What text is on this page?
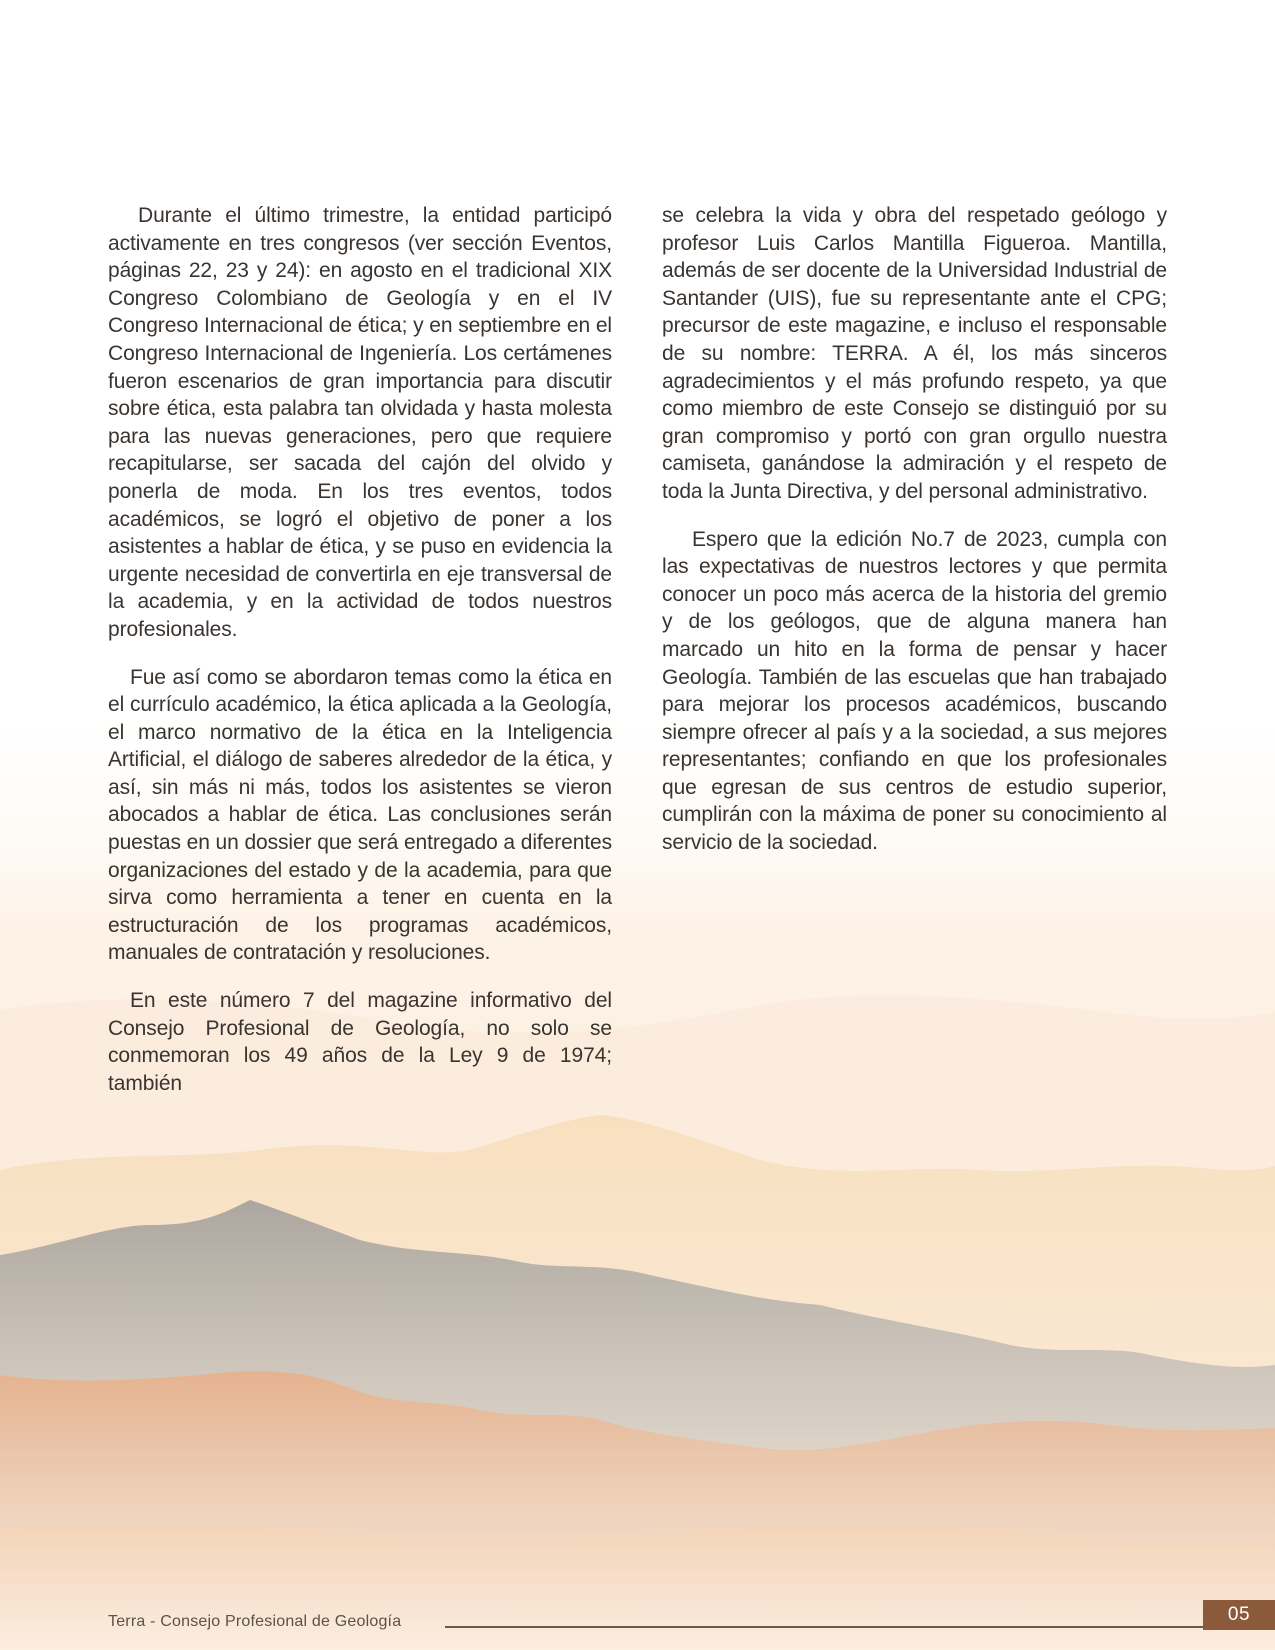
Durante el último trimestre, la entidad participó activamente en tres congresos (ver sección Eventos, páginas 22, 23 y 24): en agosto en el tradicional XIX Congreso Colombiano de Geología y en el IV Congreso Internacional de ética; y en septiembre en el Congreso Internacional de Ingeniería. Los certámenes fueron escenarios de gran importancia para discutir sobre ética, esta palabra tan olvidada y hasta molesta para las nuevas generaciones, pero que requiere recapitularse, ser sacada del cajón del olvido y ponerla de moda. En los tres eventos, todos académicos, se logró el objetivo de poner a los asistentes a hablar de ética, y se puso en evidencia la urgente necesidad de convertirla en eje transversal de la academia, y en la actividad de todos nuestros profesionales.

Fue así como se abordaron temas como la ética en el currículo académico, la ética aplicada a la Geología, el marco normativo de la ética en la Inteligencia Artificial, el diálogo de saberes alrededor de la ética, y así, sin más ni más, todos los asistentes se vieron abocados a hablar de ética. Las conclusiones serán puestas en un dossier que será entregado a diferentes organizaciones del estado y de la academia, para que sirva como herramienta a tener en cuenta en la estructuración de los programas académicos, manuales de contratación y resoluciones.

En este número 7 del magazine informativo del Consejo Profesional de Geología, no solo se conmemoran los 49 años de la Ley 9 de 1974; también

se celebra la vida y obra del respetado geólogo y profesor Luis Carlos Mantilla Figueroa. Mantilla, además de ser docente de la Universidad Industrial de Santander (UIS), fue su representante ante el CPG; precursor de este magazine, e incluso el responsable de su nombre: TERRA. A él, los más sinceros agradecimientos y el más profundo respeto, ya que como miembro de este Consejo se distinguió por su gran compromiso y portó con gran orgullo nuestra camiseta, ganándose la admiración y el respeto de toda la Junta Directiva, y del personal administrativo.

Espero que la edición No.7 de 2023, cumpla con las expectativas de nuestros lectores y que permita conocer un poco más acerca de la historia del gremio y de los geólogos, que de alguna manera han marcado un hito en la forma de pensar y hacer Geología. También de las escuelas que han trabajado para mejorar los procesos académicos, buscando siempre ofrecer al país y a la sociedad, a sus mejores representantes; confiando en que los profesionales que egresan de sus centros de estudio superior, cumplirán con la máxima de poner su conocimiento al servicio de la sociedad.

Terra - Consejo Profesional de Geología	05
